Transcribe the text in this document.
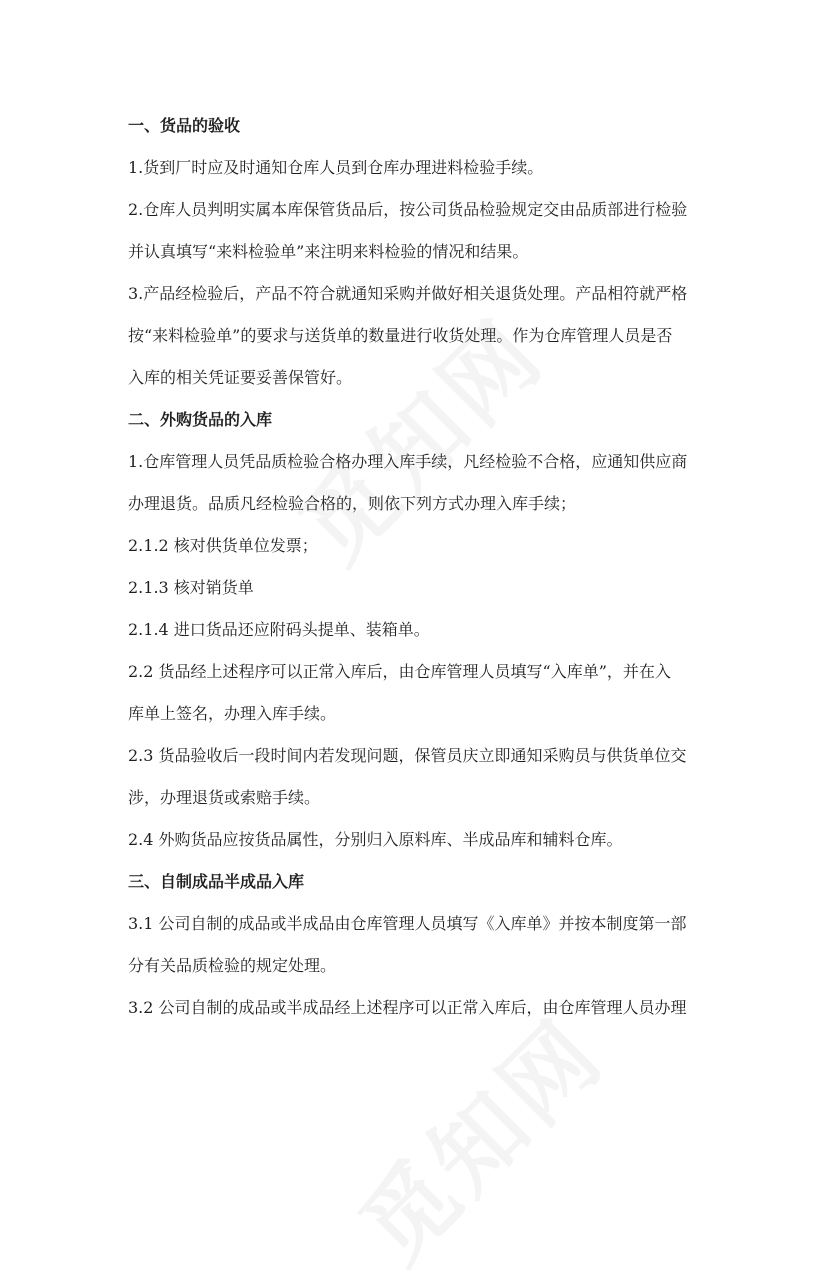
一、货品的验收

1.货到厂时应及时通知仓库人员到仓库办理进料检验手续。

2.仓库人员判明实属本库保管货品后，按公司货品检验规定交由品质部进行检验

并认真填写“来料检验单”来注明来料检验的情况和结果。

3.产品经检验后，产品不符合就通知采购并做好相关退货处理。产品相符就严格

按“来料检验单”的要求与送货单的数量进行收货处理。作为仓库管理人员是否

入库的相关凭证要妥善保管好。

二、外购货品的入库

1.仓库管理人员凭品质检验合格办理入库手续，凡经检验不合格，应通知供应商

办理退货。品质凡经检验合格的，则依下列方式办理入库手续；

2.1.2 核对供货单位发票；

2.1.3 核对销货单

2.1.4 进口货品还应附码头提单、装箱单。

2.2 货品经上述程序可以正常入库后，由仓库管理人员填写“入库单”，并在入

库单上签名，办理入库手续。

2.3 货品验收后一段时间内若发现问题，保管员庆立即通知采购员与供货单位交

涉，办理退货或索赔手续。

2.4 外购货品应按货品属性，分别归入原料库、半成品库和辅料仓库。

三、自制成品半成品入库

3.1 公司自制的成品或半成品由仓库管理人员填写《入库单》并按本制度第一部

分有关品质检验的规定处理。

3.2 公司自制的成品或半成品经上述程序可以正常入库后，由仓库管理人员办理
